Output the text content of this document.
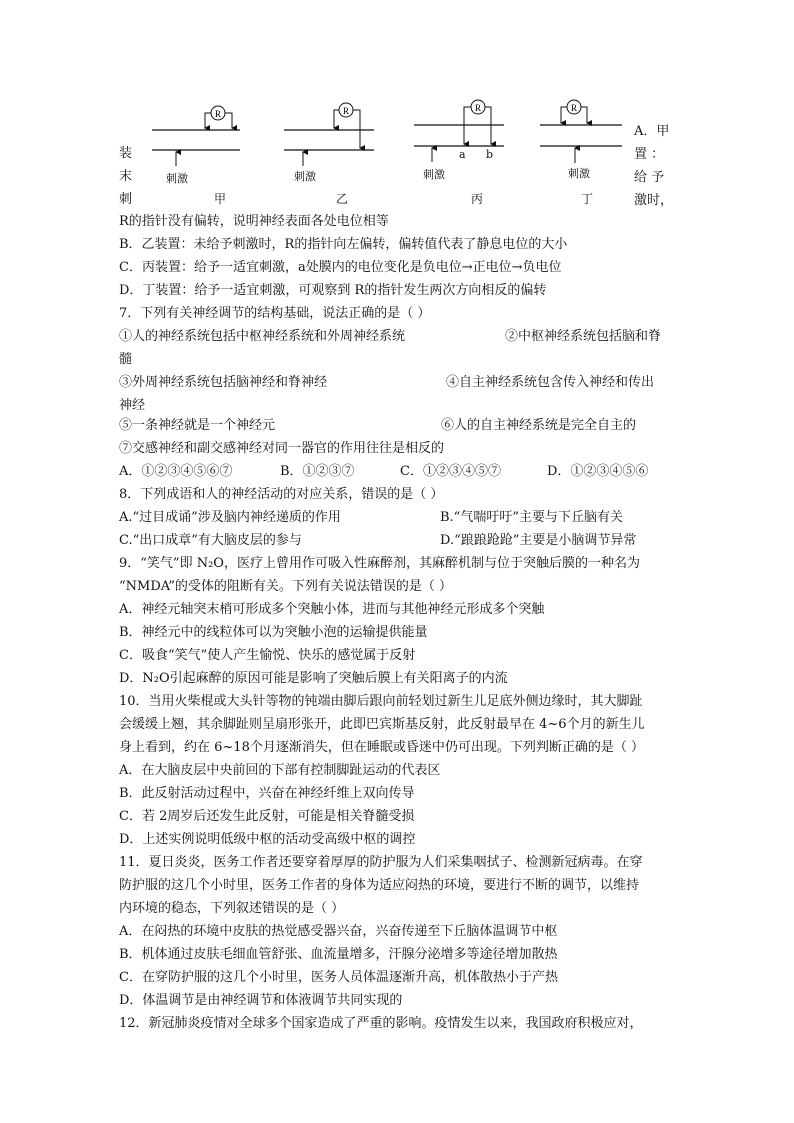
R	R	R	R
a b
刺激	刺激	刺激	刺激
甲	乙	丙	丁
装
末
刺
A．甲
置 ：
给 予
激时，
R的指针没有偏转，说明神经表面各处电位相等
B．乙装置：未给予刺激时，R的指针向左偏转，偏转值代表了静息电位的大小
C．丙装置：给予一适宜刺激，a处膜内的电位变化是负电位→正电位→负电位
D．丁装置：给予一适宜刺激，可观察到 R的指针发生两次方向相反的偏转
7．下列有关神经调节的结构基础，说法正确的是（ ）
①人的神经系统包括中枢神经系统和外周神经系统	②中枢神经系统包括脑和脊
髓
③外周神经系统包括脑神经和脊神经	④自主神经系统包含传入神经和传出
神经
⑤一条神经就是一个神经元	⑥人的自主神经系统是完全自主的
⑦交感神经和副交感神经对同一器官的作用往往是相反的
A．①②③④⑤⑥⑦	B．①②③⑦	C．①②③④⑤⑦	D．①②③④⑤⑥
8．下列成语和人的神经活动的对应关系，错误的是（ ）
A.“过目成诵”涉及脑内神经递质的作用	B.“气喘吁吁”主要与下丘脑有关
C.“出口成章”有大脑皮层的参与	D.“踉踉跄跄”主要是小脑调节异常
9．“笑气”即 N₂O，医疗上曾用作可吸入性麻醉剂，其麻醉机制与位于突触后膜的一种名为
“NMDA”的受体的阻断有关。下列有关说法错误的是（ ）
A．神经元轴突末梢可形成多个突触小体，进而与其他神经元形成多个突触
B．神经元中的线粒体可以为突触小泡的运输提供能量
C．吸食“笑气”使人产生愉悦、快乐的感觉属于反射
D．N₂O引起麻醉的原因可能是影响了突触后膜上有关阳离子的内流
10．当用火柴棍或大头针等物的钝端由脚后跟向前轻划过新生儿足底外侧边缘时，其大脚趾
会缓缓上翘，其余脚趾则呈扇形张开，此即巴宾斯基反射，此反射最早在 4~6个月的新生儿
身上看到，约在 6~18个月逐渐消失，但在睡眠或昏迷中仍可出现。下列判断正确的是（ ）
A．在大脑皮层中央前回的下部有控制脚趾运动的代表区
B．此反射活动过程中，兴奋在神经纤维上双向传导
C．若 2周岁后还发生此反射，可能是相关脊髓受损
D．上述实例说明低级中枢的活动受高级中枢的调控
11．夏日炎炎，医务工作者还要穿着厚厚的防护服为人们采集咽拭子、检测新冠病毒。在穿
防护服的这几个小时里，医务工作者的身体为适应闷热的环境，要进行不断的调节，以维持
内环境的稳态，下列叙述错误的是（ ）
A．在闷热的环境中皮肤的热觉感受器兴奋，兴奋传递至下丘脑体温调节中枢
B．机体通过皮肤毛细血管舒张、血流量增多，汗腺分泌增多等途径增加散热
C．在穿防护服的这几个小时里，医务人员体温逐渐升高，机体散热小于产热
D．体温调节是由神经调节和体液调节共同实现的
12．新冠肺炎疫情对全球多个国家造成了严重的影响。疫情发生以来，我国政府积极应对，
